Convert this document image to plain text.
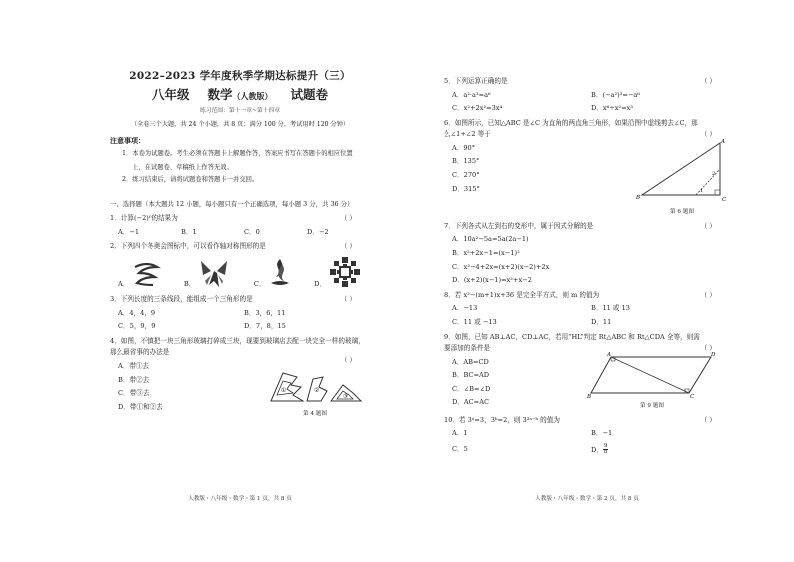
2022–2023 学年度秋季学期达标提升（三）
八年级 数学（人教版） 试题卷
练习范围：第十一章~第十四章
（全卷三个大题，共 24 个小题，共 8 页；满分 100 分，考试用时 120 分钟）
注意事项：
1．本卷为试题卷。考生必须在答题卡上解题作答，答案应书写在答题卡的相应位置
上，在试题卷、草稿纸上作答无效。
2．练习结束后，请将试题卷和答题卡一并交回。
一、选择题（本大题共 12 小题，每小题只有一个正确选项，每小题 3 分，共 36 分）
1．计算(−2)⁰的结果为	（ ）
A．−1	B．1	C．0	D．−2
2．下列四个冬奥会图标中，可以看作轴对称图形的是	（ ）
A．	B．	C．	D．
3．下列长度的三条线段，能组成一个三角形的是	（ ）
A．4，4，9	B．3，6，11
C．5，9，9	D．7，8，15
4．如图，不慎把一块三角形玻璃打碎成三块，现要到玻璃店去配一块完全一样的玻璃，
那么最省事的办法是
A．带①去
B．带②去
C．带③去
D．带①和②去
（ ）
①	②
③
第 4 题图
人教版・八年级・数学・第 1 页，共 8 页
5．下列运算正确的是	（ ）
A．a²·a³=a⁶	B．(−a²)³=−a⁶
C．x²+2x²=3x⁴	D．x⁶÷x²=x³
6．如图所示，已知△ABC 是∠C 为直角的两直角三角形，如果沿图中虚线剪去∠C，那
么∠1+∠2 等于	（ ）
A．90°
B．135°
C．270°
D．315°
B
A
C
2
1
第 6 题图
7．下列各式从左到右的变形中，属于因式分解的是	（ ）
A．10a²−5a=5a(2a−1)
B．x²+2x−1=(x−1)²
C．x²−4+2x=(x+2)(x−2)+2x
D．(x+2)(x−1)=x²+x−2
8．若 x²−(m+1)x+36 是完全平方式，则 m 的值为	（ ）
A．−13	B．11 或 13
C．11 或 −13	D．11
9．如图，已知 AB⊥AC，CD⊥AC，若用“HL”判定 Rt△ABC 和 Rt△CDA 全等，则需
要添加的条件是	（ ）
A．AB=CD
B．BC=AD
C．∠B=∠D
D．AC=AC
A
B	C
D
第 9 题图
10．若 3ᵃ=3，3ᵇ=2，则 3²ᵃ⁻ᵇ 的值为	（ ）
A．1	B．−1
C．5	D． $\frac{9}{8}$
人教版・八年级・数学・第 2 页，共 8 页
